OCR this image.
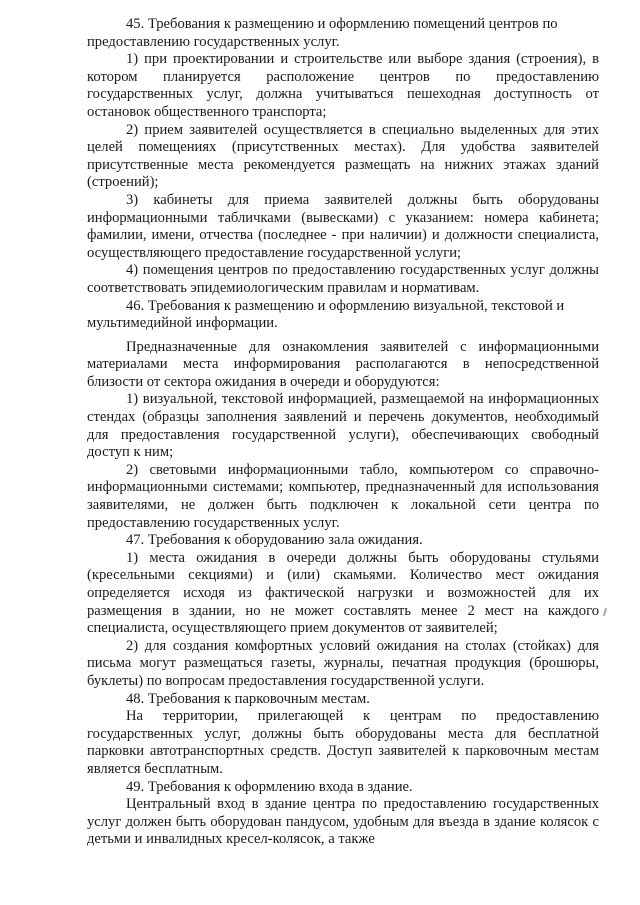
45. Требования к размещению и оформлению помещений центров по предоставлению государственных услуг.

1) при проектировании и строительстве или выборе здания (строения), в котором планируется расположение центров по предоставлению государственных услуг, должна учитываться пешеходная доступность от остановок общественного транспорта;

2) прием заявителей осуществляется в специально выделенных для этих целей помещениях (присутственных местах). Для удобства заявителей присутственные места рекомендуется размещать на нижних этажах зданий (строений);

3) кабинеты для приема заявителей должны быть оборудованы информационными табличками (вывесками) с указанием: номера кабинета; фамилии, имени, отчества (последнее - при наличии) и должности специалиста, осуществляющего предоставление государственной услуги;

4) помещения центров по предоставлению государственных услуг должны соответствовать эпидемиологическим правилам и нормативам.

46. Требования к размещению и оформлению визуальной, текстовой и мультимедийной информации.

Предназначенные для ознакомления заявителей с информационными материалами места информирования располагаются в непосредственной близости от сектора ожидания в очереди и оборудуются:

1) визуальной, текстовой информацией, размещаемой на информационных стендах (образцы заполнения заявлений и перечень документов, необходимый для предоставления государственной услуги), обеспечивающих свободный доступ к ним;

2) световыми информационными табло, компьютером со справочно-информационными системами; компьютер, предназначенный для использования заявителями, не должен быть подключен к локальной сети центра по предоставлению государственных услуг.

47. Требования к оборудованию зала ожидания.

1) места ожидания в очереди должны быть оборудованы стульями (кресельными секциями) и (или) скамьями. Количество мест ожидания определяется исходя из фактической нагрузки и возможностей для их размещения в здании, но не может составлять менее 2 мест на каждого специалиста, осуществляющего прием документов от заявителей;

2) для создания комфортных условий ожидания на столах (стойках) для письма могут размещаться газеты, журналы, печатная продукция (брошюры, буклеты) по вопросам предоставления государственной услуги.

48. Требования к парковочным местам.

На территории, прилегающей к центрам по предоставлению государственных услуг, должны быть оборудованы места для бесплатной парковки автотранспортных средств. Доступ заявителей к парковочным местам является бесплатным.

49. Требования к оформлению входа в здание.

Центральный вход в здание центра по предоставлению государственных услуг должен быть оборудован пандусом, удобным для въезда в здание колясок с детьми и инвалидных кресел-колясок, а также
